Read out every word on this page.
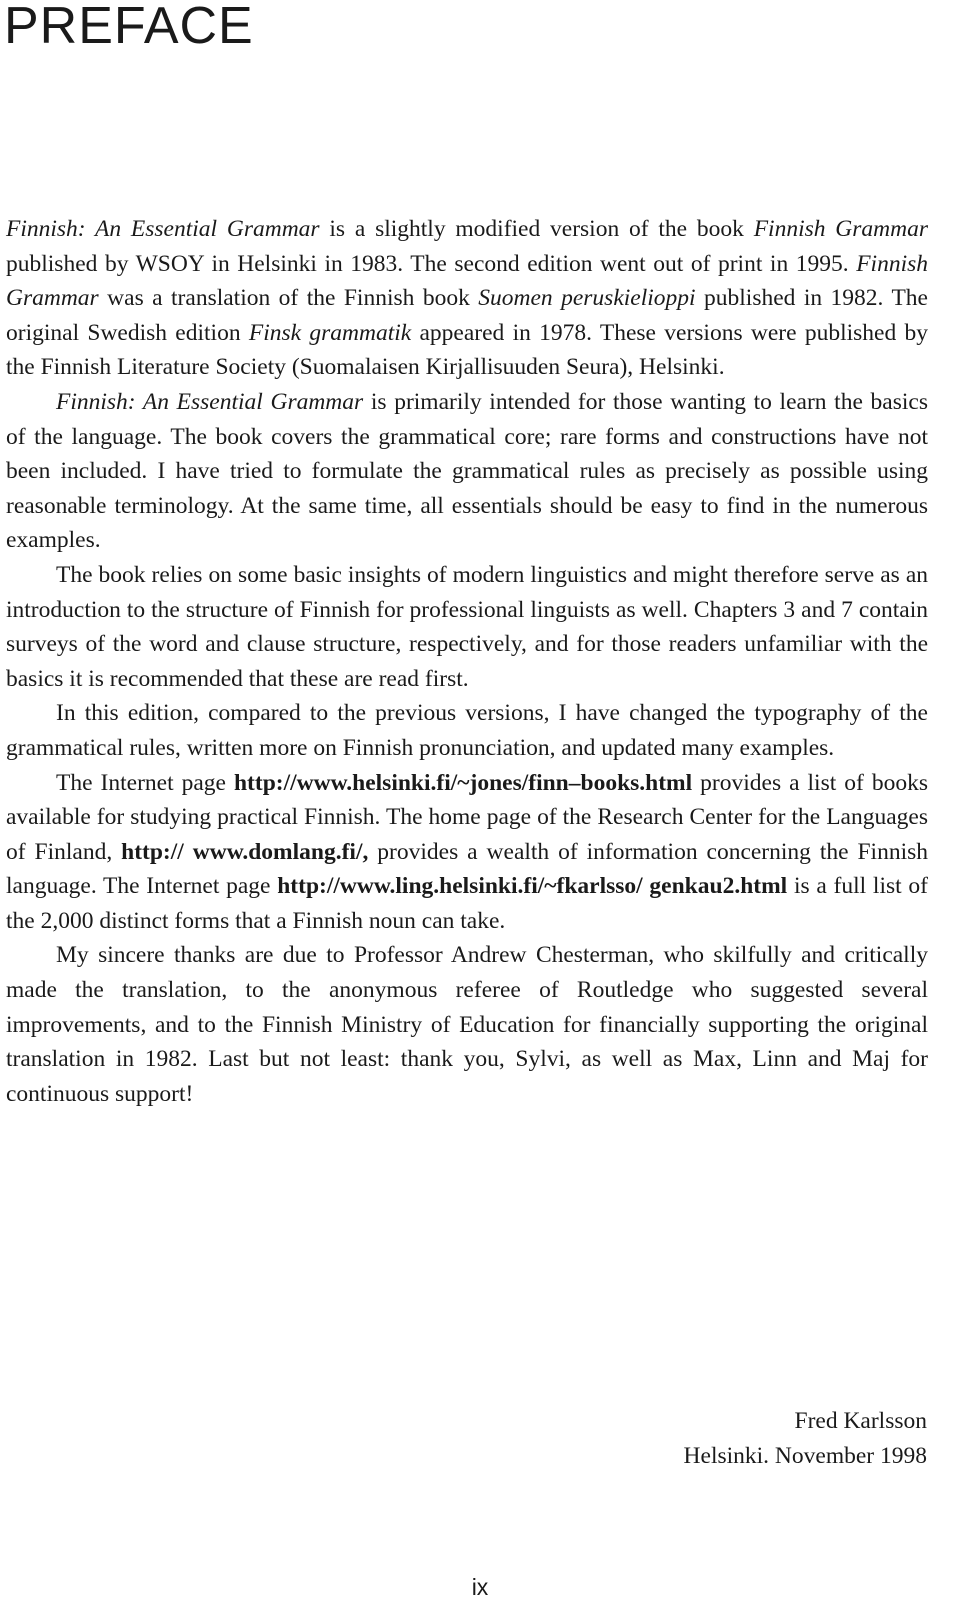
PREFACE

Finnish: An Essential Grammar is a slightly modified version of the book Finnish Grammar published by WSOY in Helsinki in 1983. The second edition went out of print in 1995. Finnish Grammar was a translation of the Finnish book Suomen peruskielioppi published in 1982. The original Swedish edition Finsk grammatik appeared in 1978. These versions were published by the Finnish Literature Society (Suomalaisen Kirjallisuuden Seura), Helsinki.

Finnish: An Essential Grammar is primarily intended for those wanting to learn the basics of the language. The book covers the grammatical core; rare forms and constructions have not been included. I have tried to formulate the grammatical rules as precisely as possible using reasonable terminology. At the same time, all essentials should be easy to find in the numerous examples.

The book relies on some basic insights of modern linguistics and might therefore serve as an introduction to the structure of Finnish for professional linguists as well. Chapters 3 and 7 contain surveys of the word and clause structure, respectively, and for those readers unfamiliar with the basics it is recommended that these are read first.

In this edition, compared to the previous versions, I have changed the typography of the grammatical rules, written more on Finnish pronunciation, and updated many examples.

The Internet page http://www.helsinki.fi/~jones/finn–books.html provides a list of books available for studying practical Finnish. The home page of the Research Center for the Languages of Finland, http:// www.domlang.fi/, provides a wealth of information concerning the Finnish language. The Internet page http://www.ling.helsinki.fi/~fkarlsso/ genkau2.html is a full list of the 2,000 distinct forms that a Finnish noun can take.

My sincere thanks are due to Professor Andrew Chesterman, who skilfully and critically made the translation, to the anonymous referee of Routledge who suggested several improvements, and to the Finnish Ministry of Education for financially supporting the original translation in 1982. Last but not least: thank you, Sylvi, as well as Max, Linn and Maj for continuous support!

Fred Karlsson
Helsinki. November 1998
ix
